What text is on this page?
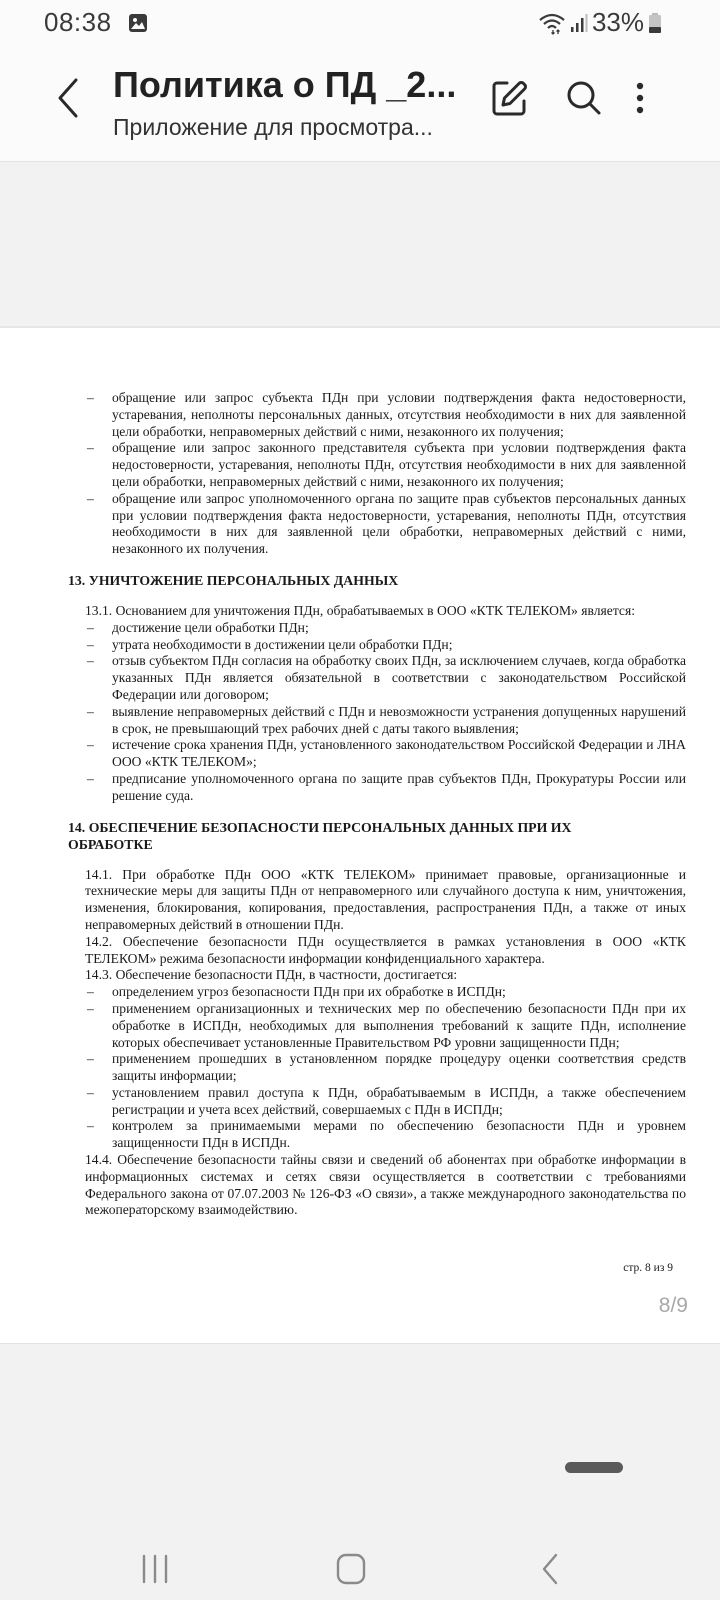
08:38	33%
Политика о ПД _2...
Приложение для просмотра...
– обращение или запрос субъекта ПДн при условии подтверждения факта недостоверности, устаревания, неполноты персональных данных, отсутствия необходимости в них для заявленной цели обработки, неправомерных действий с ними, незаконного их получения;
– обращение или запрос законного представителя субъекта при условии подтверждения факта недостоверности, устаревания, неполноты ПДн, отсутствия необходимости в них для заявленной цели обработки, неправомерных действий с ними, незаконного их получения;
– обращение или запрос уполномоченного органа по защите прав субъектов персональных данных при условии подтверждения факта недостоверности, устаревания, неполноты ПДн, отсутствия необходимости в них для заявленной цели обработки, неправомерных действий с ними, незаконного их получения.
13. УНИЧТОЖЕНИЕ ПЕРСОНАЛЬНЫХ ДАННЫХ

13.1. Основанием для уничтожения ПДн, обрабатываемых в ООО «КТК ТЕЛЕКОМ» является:

– достижение цели обработки ПДн;
– утрата необходимости в достижении цели обработки ПДн;
– отзыв субъектом ПДн согласия на обработку своих ПДн, за исключением случаев, когда обработка указанных ПДн является обязательной в соответствии с законодательством Российской Федерации или договором;
– выявление неправомерных действий с ПДн и невозможности устранения допущенных нарушений в срок, не превышающий трех рабочих дней с даты такого выявления;
– истечение срока хранения ПДн, установленного законодательством Российской Федерации и ЛНА ООО «КТК ТЕЛЕКОМ»;
– предписание уполномоченного органа по защите прав субъектов ПДн, Прокуратуры России или решение суда.
14. ОБЕСПЕЧЕНИЕ БЕЗОПАСНОСТИ ПЕРСОНАЛЬНЫХ ДАННЫХ ПРИ ИХ ОБРАБОТКЕ

14.1. При обработке ПДн ООО «КТК ТЕЛЕКОМ» принимает правовые, организационные и технические меры для защиты ПДн от неправомерного или случайного доступа к ним, уничтожения, изменения, блокирования, копирования, предоставления, распространения ПДн, а также от иных неправомерных действий в отношении ПДн.

14.2. Обеспечение безопасности ПДн осуществляется в рамках установления в ООО «КТК ТЕЛЕКОМ» режима безопасности информации конфиденциального характера.

14.3. Обеспечение безопасности ПДн, в частности, достигается:

– определением угроз безопасности ПДн при их обработке в ИСПДн;
– применением организационных и технических мер по обеспечению безопасности ПДн при их обработке в ИСПДн, необходимых для выполнения требований к защите ПДн, исполнение которых обеспечивает установленные Правительством РФ уровни защищенности ПДн;
– применением прошедших в установленном порядке процедуру оценки соответствия средств защиты информации;
– установлением правил доступа к ПДн, обрабатываемым в ИСПДн, а также обеспечением регистрации и учета всех действий, совершаемых с ПДн в ИСПДн;
– контролем за принимаемыми мерами по обеспечению безопасности ПДн и уровнем защищенности ПДн в ИСПДн.

14.4. Обеспечение безопасности тайны связи и сведений об абонентах при обработке информации в информационных системах и сетях связи осуществляется в соответствии с требованиями Федерального закона от 07.07.2003 № 126-ФЗ «О связи», а также международного законодательства по межоператорскому взаимодействию.

стр. 8 из 9
8/9
